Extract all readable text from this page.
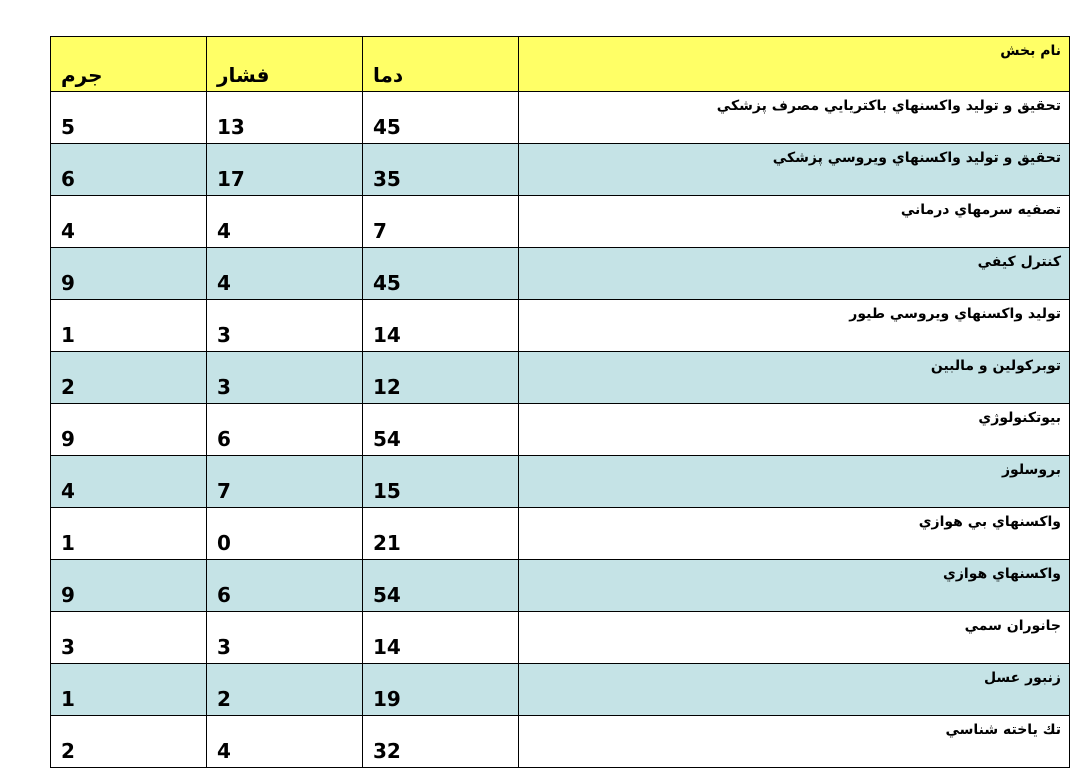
نام بخش	دما	فشار	جرم
تحقيق و توليد واكسنهاي باكتريايي مصرف پزشكي	45	13	5
تحقيق و توليد واكسنهاي ويروسي پزشكي	35	17	6
تصفيه سرمهاي درماني	7	4	4
كنترل كيفي	45	4	9
توليد واكسنهاي ويروسي طيور	14	3	1
توبركولين و مالبين	12	3	2
بيوتكنولوژي	54	6	9
بروسلوز	15	7	4
واكسنهاي بي هوازي	21	0	1
واكسنهاي هوازي	54	6	9
جانوران سمي	14	3	3
زنبور عسل	19	2	1
تك ياخته شناسي	32	4	2
